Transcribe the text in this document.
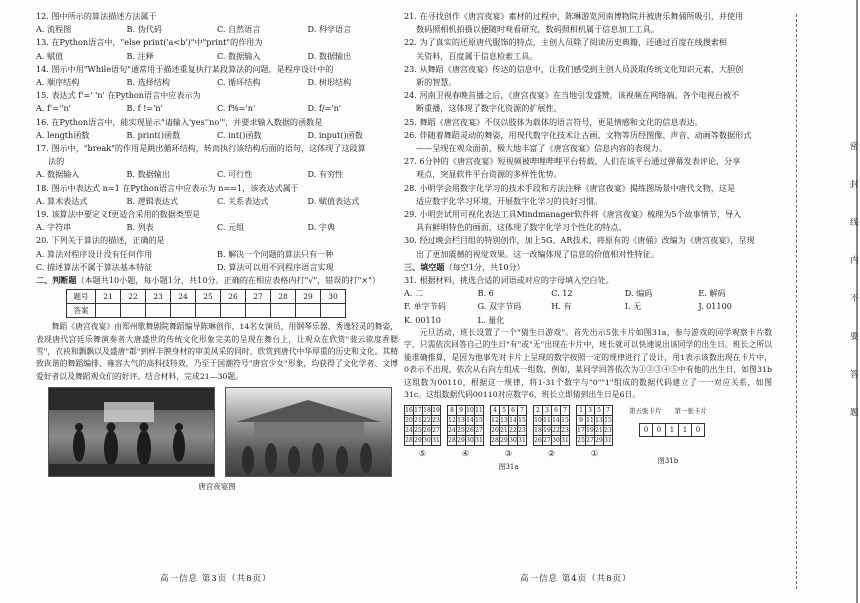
12. 图中所示的算法描述方法属于

A. 流程图	B. 伪代码	C. 自然语言	D. 科学语言

13. 在Python语言中，"else print('a<b')"中"print"的作用为

A. 赋值	B. 注释	C. 数据输入	D. 数据输出

14. 图示中用"While语句"通常用于描述重复执行某段算法的问题，是程序设计中的

A. 顺序结构	B. 选择结构	C. 循环结构	D. 树形结构

15. 表达式 f'=' 'n' 在Python语言中应表示为

A. f'=''n'	B. f !='n'	C. f%='n'	D. f/='n'

16. 在Python语言中，能实现显示"请输入'yes''no'"，并要求输入数据的函数是

A. length函数	B. print()函数	C. int()函数	D. input()函数

17. 图示中，"break"的作用是跳出循环结构，转而执行该结构后面的语句，这体现了这段算

法的

A. 数据输入	B. 数据输出	C. 可行性	D. 有穷性

18. 图示中表达式 n=1 在Python语言中应表示为 n==1，该表达式属于

A. 算术表达式	B. 逻辑表达式	C. 关系表达式	D. 赋值表达式

19. 该算法中要定义f更适合采用的数据类型是

A. 字符串	B. 列表	C. 元组	D. 字典

20. 下列关于算法的描述，正确的是

A. 算法对程序设计没有任何作用	B. 解决一个问题的算法只有一种
C. 描述算法不属于算法基本特征	D. 算法可以用不同程序语言实现

二、判断题（本题共10小题，每小题1分，共10分。正确的在相应表格内打"√"，错误的打"×"）

题号	21	22	23	24	25	26	27	28	29	30
答案										

舞蹈《唐宫夜宴》由郑州歌舞剧院舞蹈编导陈琳创作，14名女演员，用钢琴乐器、秀逸轻灵的舞姿，表现唐代宫廷乐舞演奏者大唐盛世的传统文化形象完美的呈现在舞台上，让观众在欣赏"裴云欲度香腮雪"，衣袂和飘飘以及盛唐"都"到样丰腴身材的审美风采的同时，欣赏到唐代中华厚重的历史和文化。其精致诙谐的舞蹈编排、雍容大气的高科技特效，乃至于国潮符号"唐宫少女"形象，均获得了文化学者、文博爱好者以及舞蹈观众们的好评。结合材料，完成21—30题。

唐宫夜宴图

高一信息 第3页（共8页）

21. 在寻找创作《唐宫夜宴》素材的过程中，陈琳游览河南博物院并被唐乐舞俑所吸引，并使用

数码照相机拍摄以便随时观看研究，数码照相机属于信息加工工具。

22. 为了真实的还原唐代服饰的特点，主创人员除了阅读历史典籍，还通过百度在线搜索相

关资料，百度属于信息检索工具。

23. 从舞蹈《唐宫夜宴》传达的信息中，让我们感受到主创人员汲取传统文化知识元素，大胆创

新的智慧。

24. 河南卫视春晚首播之后，《唐宫夜宴》在当地引发盛赞，该视频在网络端、各个电视台被不

断重播，这体现了数字化资源的扩展性。

25. 舞蹈《唐宫夜宴》不仅以肢体为载体的语言符号，更是情感和文化的信息表达。

26. 伴随着舞蹈灵动的舞姿，用现代数字化技术让古画、文物等历经图像、声音、动画等数据形式

——呈现在观众面前，极大地丰富了《唐宫夜宴》信息内容的表现力。

27. 6分钟的《唐宫夜宴》短视频被哔哩哔哩平台转载，人们在该平台通过弹幕发表评论，分享

观点，突显软件平台资源的多样性优势。

28. 小明学会用数字化学习的技术手段和方法注释《唐宫夜宴》揭练图场景中唐代文物，这是

适应数字化学习环境，开展数字化学习的良好习惯。

29. 小明尝试用可视化表达工具Mindmanager软件将《唐宫夜宴》梳理为5个故事情节，导入

具有鲜明特色的画面，这体现了数字化学习个性化的特点。

30. 经过晚会栏目组的特别创作，加上5G、AR技术，将原有的《唐俑》改编为《唐宫夜宴》，呈现

出了更加震撼的视觉效果。这一改编体现了信息的价值相对性特征。

三、填空题（每空1分，共10分）

31. 根据材料，挑选合适的词语或对应的字母填入空白处。

A. 二	B. 6	C. 12	D. 编码	E. 解码
F. 单字节码	G. 双字节码	H. 有	I. 无	J. 01100
K. 00110	L. 量化

元旦活动，班长设置了一个"猜生日游戏"。首先出示5张卡片如图31a，参与游戏的同学观察卡片数字，只需依次回答自己的生日"有"或"无"出现在卡片中，班长就可以快速说出该同学的出生日。班长之所以能准确推算，是因为他事先对卡片上呈现的数字按照一定的规律进行了设计，用1表示该数出现在卡片中，0表示不出现，依次从右向左组成一组数，例如，某同学回答依次为①②③④⑤中有他的出生日，如图31b这组数为00110，根据这一规律，将1-31个数字与"0""1"组成的数据代码建立了一一对应关系，如图31c。这组数据代码00110对应数字6，班长立即猜到出生日是6日。

16	17	18	19
20	21	22	23
24	25	26	27
28	29	30	31
⑤
8	9	10	11
12	13	14	15
24	25	26	27
28	29	30	31
④
4	5	6	7
12	13	14	15
20	21	22	23
28	29	30	31
③
2	3	6	7
10	11	14	15
18	19	22	23
26	27	30	31
②
1	3	5	7
9	11	13	15
17	19	21	23
25	27	29	31
①
图31a
第五张卡片 第一张卡片
0	0	1	1	0
图31b
高一信息 第4页（共8页）
密
封
线
内
不
要
答
题
